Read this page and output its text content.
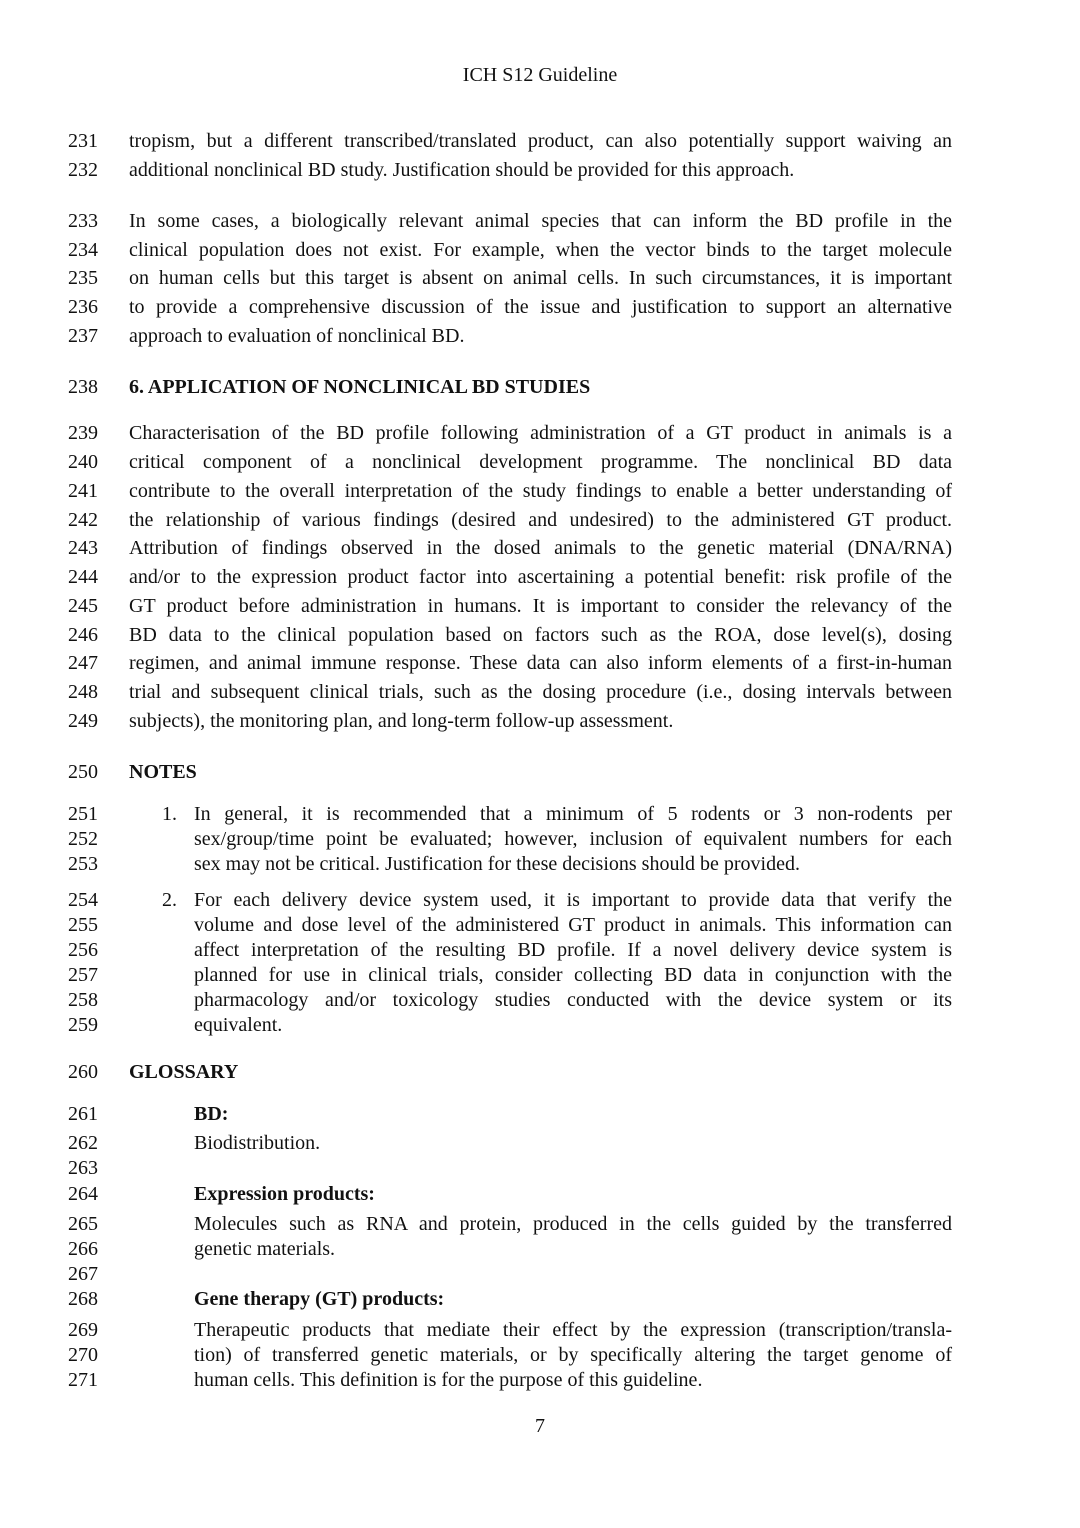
ICH S12 Guideline
231 tropism, but a different transcribed/translated product, can also potentially support waiving an
232 additional nonclinical BD study. Justification should be provided for this approach.
233 In some cases, a biologically relevant animal species that can inform the BD profile in the
234 clinical population does not exist. For example, when the vector binds to the target molecule
235 on human cells but this target is absent on animal cells. In such circumstances, it is important
236 to provide a comprehensive discussion of the issue and justification to support an alternative
237 approach to evaluation of nonclinical BD.
238 6. APPLICATION OF NONCLINICAL BD STUDIES
239 Characterisation of the BD profile following administration of a GT product in animals is a
240 critical component of a nonclinical development programme. The nonclinical BD data
241 contribute to the overall interpretation of the study findings to enable a better understanding of
242 the relationship of various findings (desired and undesired) to the administered GT product.
243 Attribution of findings observed in the dosed animals to the genetic material (DNA/RNA)
244 and/or to the expression product factor into ascertaining a potential benefit: risk profile of the
245 GT product before administration in humans. It is important to consider the relevancy of the
246 BD data to the clinical population based on factors such as the ROA, dose level(s), dosing
247 regimen, and animal immune response. These data can also inform elements of a first-in-human
248 trial and subsequent clinical trials, such as the dosing procedure (i.e., dosing intervals between
249 subjects), the monitoring plan, and long-term follow-up assessment.
250 NOTES
251	1. In general, it is recommended that a minimum of 5 rodents or 3 non-rodents per
252	sex/group/time point be evaluated; however, inclusion of equivalent numbers for each
253	sex may not be critical. Justification for these decisions should be provided.
254	2. For each delivery device system used, it is important to provide data that verify the
255	volume and dose level of the administered GT product in animals. This information can
256	affect interpretation of the resulting BD profile. If a novel delivery device system is
257	planned for use in clinical trials, consider collecting BD data in conjunction with the
258	pharmacology and/or toxicology studies conducted with the device system or its
259	equivalent.
260 GLOSSARY
261	BD:
262	Biodistribution.
263
264	Expression products:
265	Molecules such as RNA and protein, produced in the cells guided by the transferred
266	genetic materials.
267
268	Gene therapy (GT) products:
269	Therapeutic products that mediate their effect by the expression (transcription/transla-
270	tion) of transferred genetic materials, or by specifically altering the target genome of
271	human cells. This definition is for the purpose of this guideline.
7
